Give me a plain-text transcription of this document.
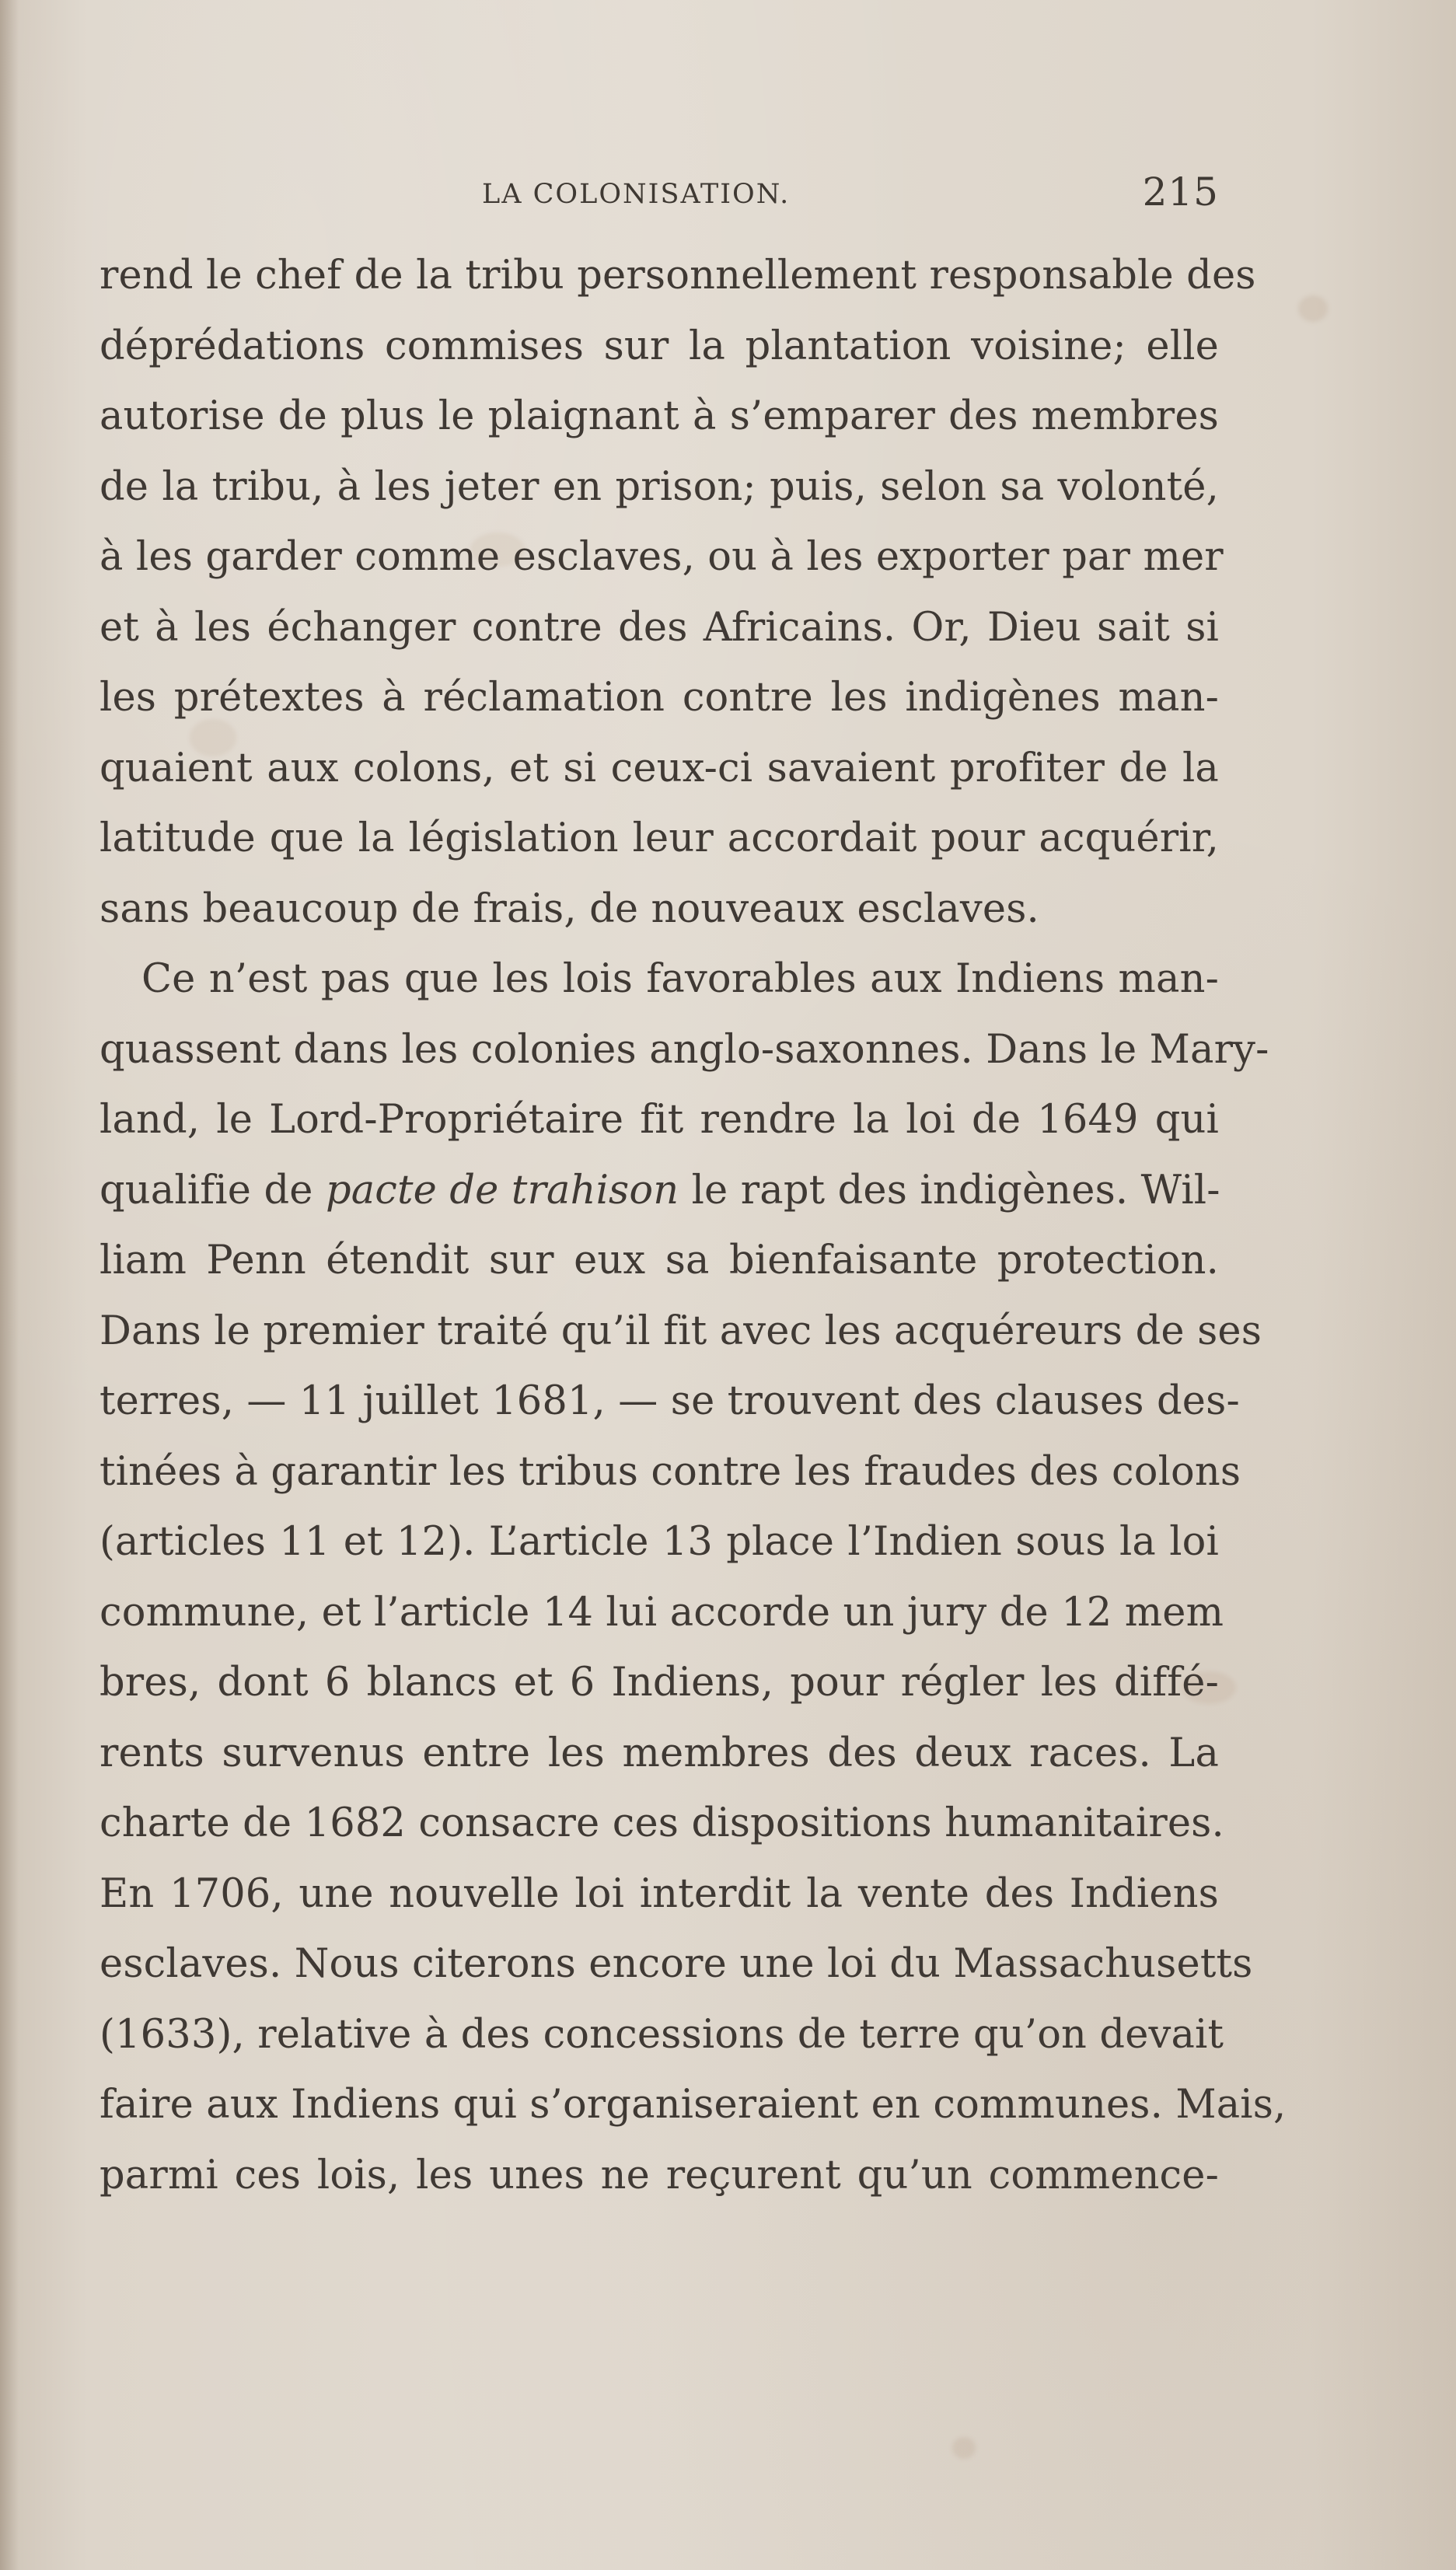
LA COLONISATION.	215
rend le chef de la tribu personnellement responsable des
déprédations commises sur la plantation voisine; elle
autorise de plus le plaignant à s’emparer des membres
de la tribu, à les jeter en prison; puis, selon sa volonté,
à les garder comme esclaves, ou à les exporter par mer
et à les échanger contre des Africains. Or, Dieu sait si
les prétextes à réclamation contre les indigènes man-
quaient aux colons, et si ceux-ci savaient profiter de la
latitude que la législation leur accordait pour acquérir,
sans beaucoup de frais, de nouveaux esclaves.
Ce n’est pas que les lois favorables aux Indiens man-
quassent dans les colonies anglo-saxonnes. Dans le Mary-
land, le Lord-Propriétaire fit rendre la loi de 1649 qui
qualifie de pacte de trahison le rapt des indigènes. Wil-
liam Penn étendit sur eux sa bienfaisante protection.
Dans le premier traité qu’il fit avec les acquéreurs de ses
terres, — 11 juillet 1681, — se trouvent des clauses des-
tinées à garantir les tribus contre les fraudes des colons
(articles 11 et 12). L’article 13 place l’Indien sous la loi
commune, et l’article 14 lui accorde un jury de 12 mem
bres, dont 6 blancs et 6 Indiens, pour régler les diffé-
rents survenus entre les membres des deux races. La
charte de 1682 consacre ces dispositions humanitaires.
En 1706, une nouvelle loi interdit la vente des Indiens
esclaves. Nous citerons encore une loi du Massachusetts
(1633), relative à des concessions de terre qu’on devait
faire aux Indiens qui s’organiseraient en communes. Mais,
parmi ces lois, les unes ne reçurent qu’un commence-
